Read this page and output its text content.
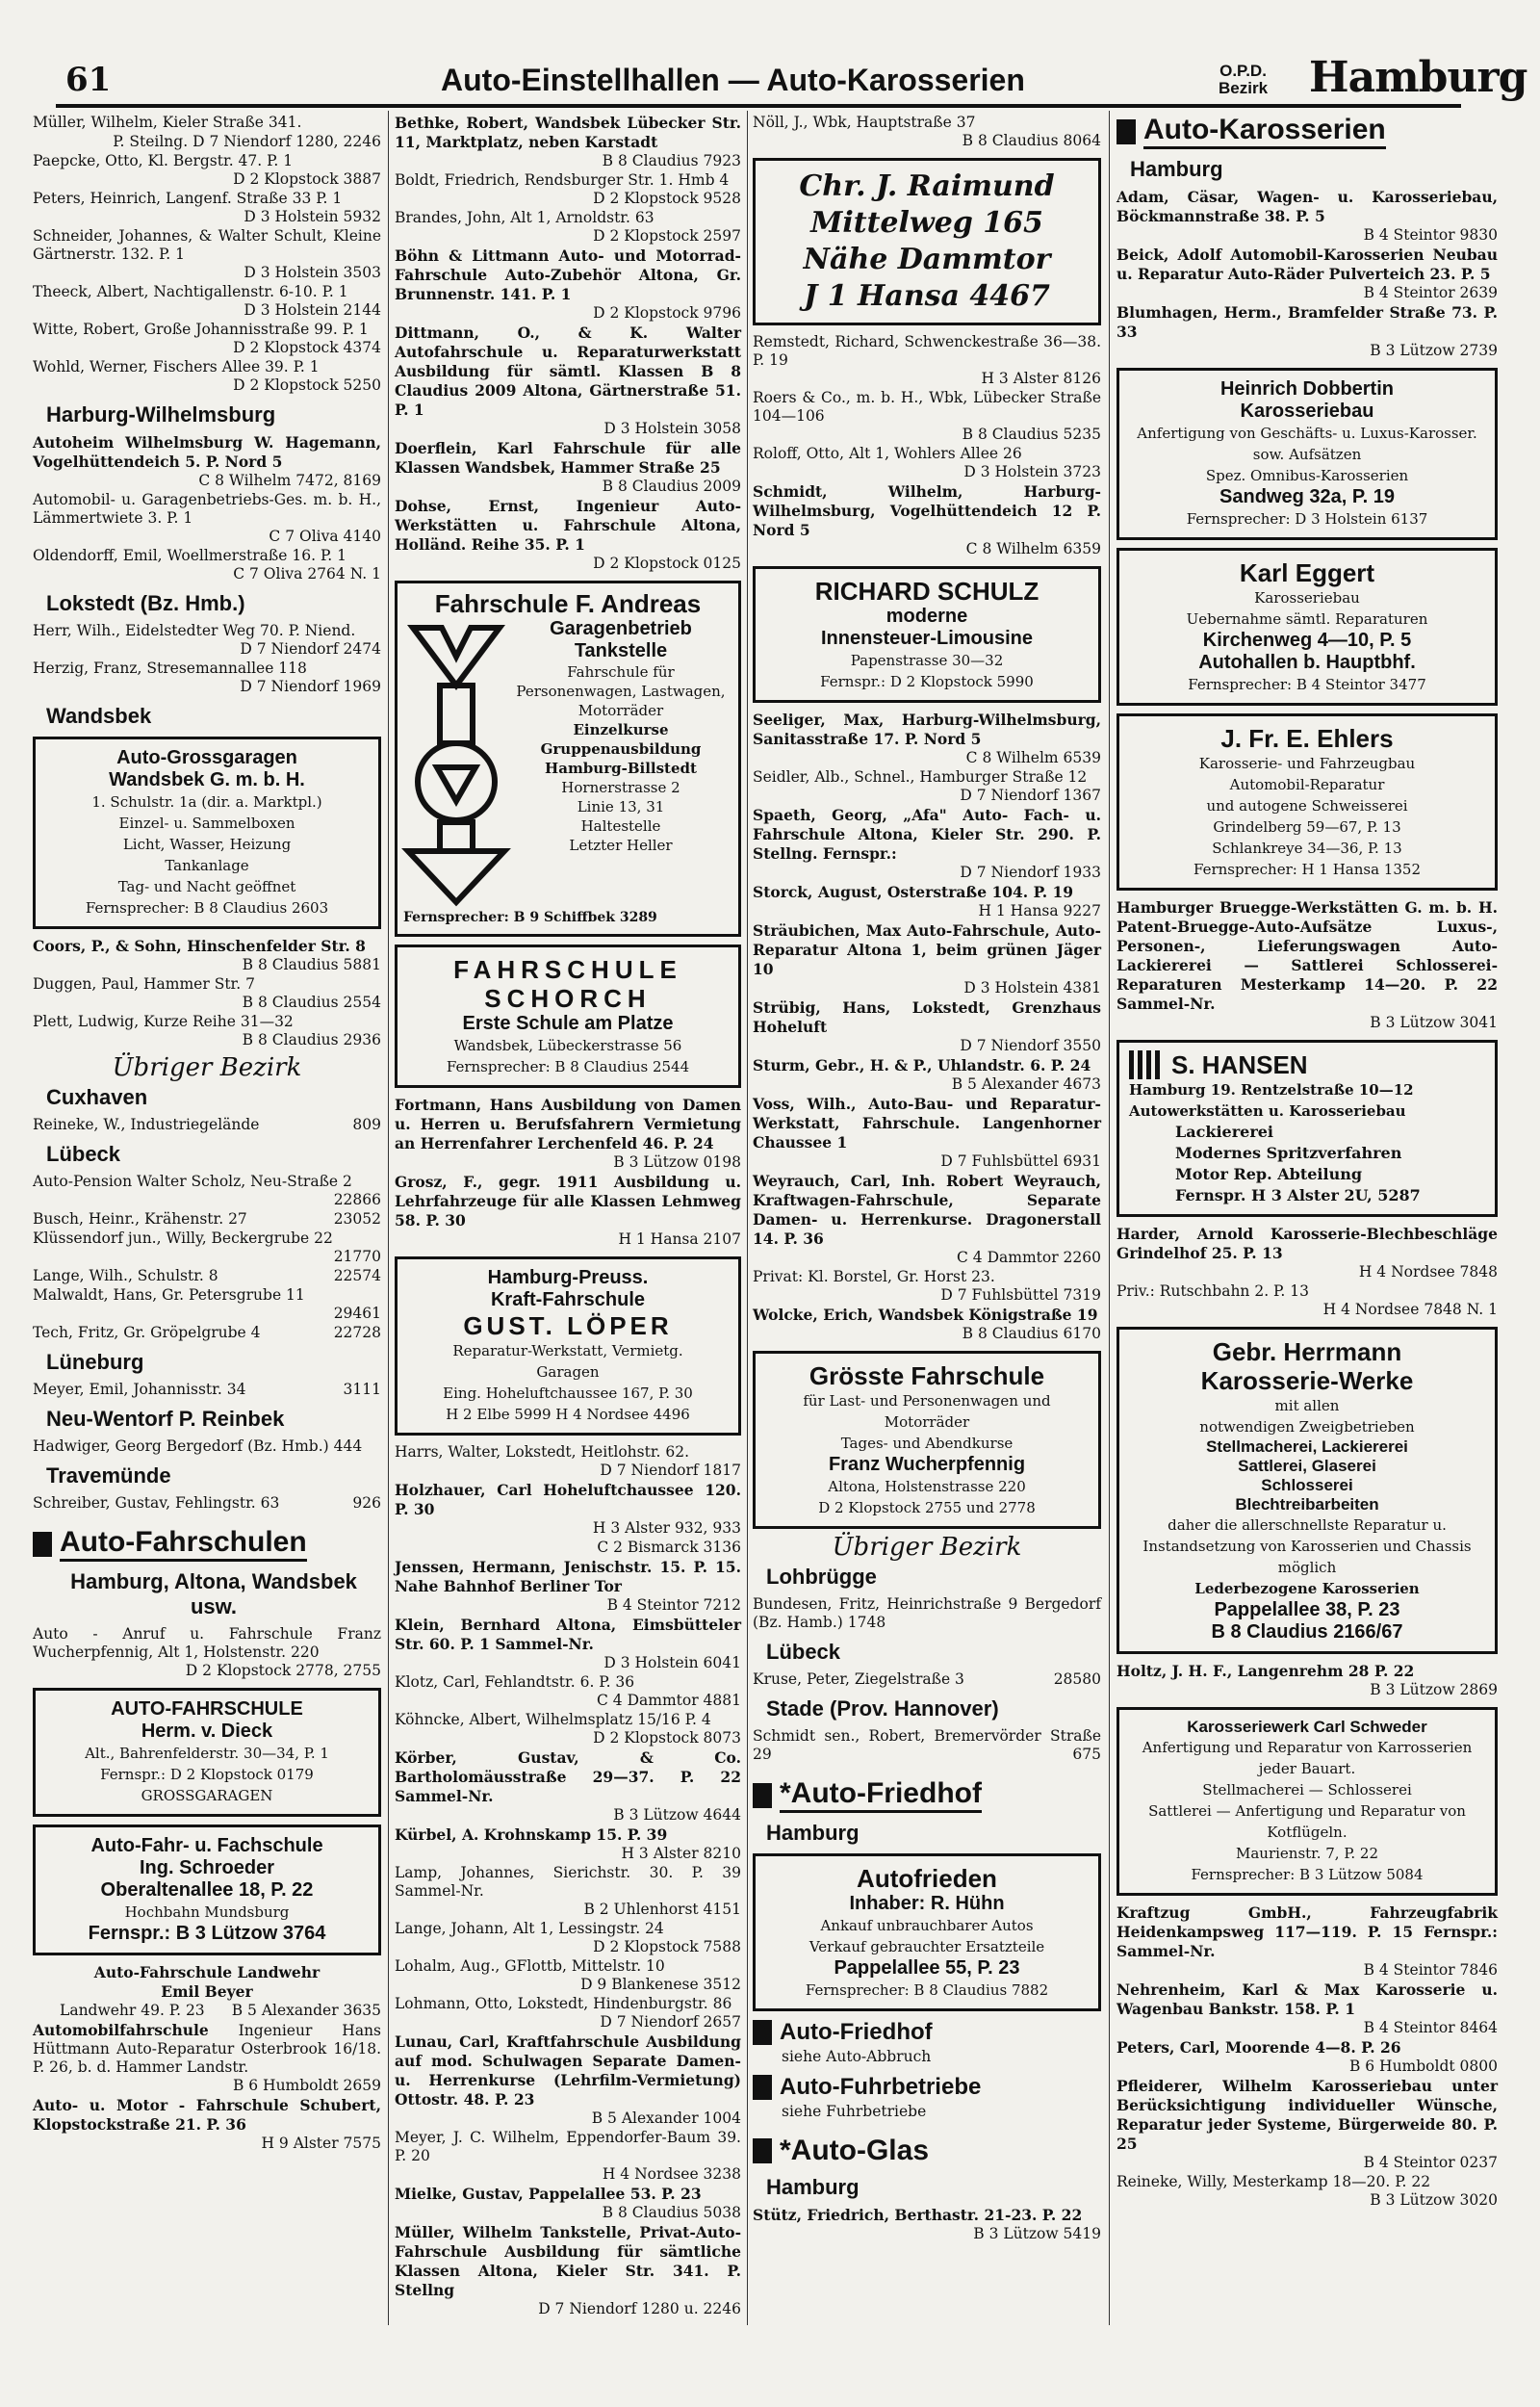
61	Auto-Einstellhallen — Auto-Karosserien	O.P.D.
Bezirk Hamburg
Müller, Wilhelm, Kieler Straße 341.
P. Steilng. D 7 Niendorf 1280, 2246
Paepcke, Otto, Kl. Bergstr. 47. P. 1
D 2 Klopstock 3887
Peters, Heinrich, Langenf. Straße 33 P. 1
D 3 Holstein 5932
Schneider, Johannes, & Walter Schult, Kleine Gärtnerstr. 132. P. 1
D 3 Holstein 3503
Theeck, Albert, Nachtigallenstr. 6-10. P. 1
D 3 Holstein 2144
Witte, Robert, Große Johannisstraße 99. P. 1
D 2 Klopstock 4374
Wohld, Werner, Fischers Allee 39. P. 1
D 2 Klopstock 5250
Harburg-Wilhelmsburg
Autoheim Wilhelmsburg W. Hagemann, Vogelhüttendeich 5. P. Nord 5
C 8 Wilhelm 7472, 8169
Automobil- u. Garagenbetriebs-Ges. m. b. H., Lämmertwiete 3. P. 1
C 7 Oliva 4140
Oldendorff, Emil, Woellmerstraße 16. P. 1
C 7 Oliva 2764 N. 1
Lokstedt (Bz. Hmb.)
Herr, Wilh., Eidelstedter Weg 70. P. Niend.
D 7 Niendorf 2474
Herzig, Franz, Stresemannallee 118
D 7 Niendorf 1969
Wandsbek
Auto-Grossgaragen
Wandsbek G. m. b. H.
1. Schulstr. 1a (dir. a. Marktpl.)
Einzel- u. Sammelboxen
Licht, Wasser, Heizung
Tankanlage
Tag- und Nacht geöffnet
Fernsprecher: B 8 Claudius 2603
Coors, P., & Sohn, Hinschenfelder Str. 8
B 8 Claudius 5881
Duggen, Paul, Hammer Str. 7
B 8 Claudius 2554
Plett, Ludwig, Kurze Reihe 31—32
B 8 Claudius 2936
Übriger Bezirk
Cuxhaven
Reineke, W., Industriegelände	809
Lübeck
Auto-Pension Walter Scholz, Neu-Straße 2
22866
Busch, Heinr., Krähenstr. 27	23052
Klüssendorf jun., Willy, Beckergrube 22
21770
Lange, Wilh., Schulstr. 8	22574
Malwaldt, Hans, Gr. Petersgrube 11
29461
Tech, Fritz, Gr. Gröpelgrube 4	22728
Lüneburg
Meyer, Emil, Johannisstr. 34	3111
Neu-Wentorf P. Reinbek
Hadwiger, Georg Bergedorf (Bz. Hmb.) 444
Travemünde
Schreiber, Gustav, Fehlingstr. 63	926
Auto-Fahrschulen
Hamburg, Altona, Wandsbek usw.
Auto - Anruf u. Fahrschule Franz Wucherpfennig, Alt 1, Holstenstr. 220
D 2 Klopstock 2778, 2755
AUTO-FAHRSCHULE
Herm. v. Dieck
Alt., Bahrenfelderstr. 30—34, P. 1
Fernspr.: D 2 Klopstock 0179
GROSSGARAGEN
Auto-Fahr- u. Fachschule
Ing. Schroeder
Oberaltenallee 18, P. 22
Hochbahn Mundsburg
Fernspr.: B 3 Lützow 3764
Auto-Fahrschule Landwehr
Emil Beyer
Landwehr 49. P. 23 B 5 Alexander 3635
Automobilfahrschule Ingenieur Hans Hüttmann Auto-Reparatur Osterbrook 16/18. P. 26, b. d. Hammer Landstr.
B 6 Humboldt 2659
Auto- u. Motor - Fahrschule Schubert, Klopstockstraße 21. P. 36
H 9 Alster 7575
Bethke, Robert, Wandsbek Lübecker Str. 11, Marktplatz, neben Karstadt
B 8 Claudius 7923
Boldt, Friedrich, Rendsburger Str. 1. Hmb 4
D 2 Klopstock 9528
Brandes, John, Alt 1, Arnoldstr. 63
D 2 Klopstock 2597
Böhn & Littmann Auto- und Motorrad-Fahrschule Auto-Zubehör Altona, Gr. Brunnenstr. 141. P. 1
D 2 Klopstock 9796
Dittmann, O., & K. Walter Autofahrschule u. Reparaturwerkstatt Ausbildung für sämtl. Klassen B 8 Claudius 2009 Altona, Gärtnerstraße 51. P. 1
D 3 Holstein 3058
Doerflein, Karl Fahrschule für alle Klassen Wandsbek, Hammer Straße 25
B 8 Claudius 2009
Dohse, Ernst, Ingenieur Auto-Werkstätten u. Fahrschule Altona, Holländ. Reihe 35. P. 1
D 2 Klopstock 0125
Fahrschule F. Andreas
Garagenbetrieb
Tankstelle
Fahrschule für Personenwagen, Lastwagen, Motorräder
Einzelkurse
Gruppenausbildung
Hamburg-Billstedt
Hornerstrasse 2
Linie 13, 31
Haltestelle
Letzter Heller
Fernsprecher: B 9 Schiffbek 3289
FAHRSCHULE
SCHORCH
Erste Schule am Platze
Wandsbek, Lübeckerstrasse 56
Fernsprecher: B 8 Claudius 2544
Fortmann, Hans Ausbildung von Damen u. Herren u. Berufsfahrern Vermietung an Herrenfahrer Lerchenfeld 46. P. 24
B 3 Lützow 0198
Grosz, F., gegr. 1911 Ausbildung u. Lehrfahrzeuge für alle Klassen Lehmweg 58. P. 30
H 1 Hansa 2107
Hamburg-Preuss.
Kraft-Fahrschule
GUST. LÖPER
Reparatur-Werkstatt, Vermietg.
Garagen
Eing. Hoheluftchaussee 167, P. 30
H 2 Elbe 5999 H 4 Nordsee 4496
Harrs, Walter, Lokstedt, Heitlohstr. 62.
D 7 Niendorf 1817
Holzhauer, Carl Hoheluftchaussee 120. P. 30
H 3 Alster 932, 933
C 2 Bismarck 3136
Jenssen, Hermann, Jenischstr. 15. P. 15. Nahe Bahnhof Berliner Tor
B 4 Steintor 7212
Klein, Bernhard Altona, Eimsbütteler Str. 60. P. 1 Sammel-Nr.
D 3 Holstein 6041
Klotz, Carl, Fehlandtstr. 6. P. 36
C 4 Dammtor 4881
Köhncke, Albert, Wilhelmsplatz 15/16 P. 4
D 2 Klopstock 8073
Körber, Gustav, & Co. Bartholomäusstraße 29—37. P. 22 Sammel-Nr.
B 3 Lützow 4644
Kürbel, A. Krohnskamp 15. P. 39
H 3 Alster 8210
Lamp, Johannes, Sierichstr. 30. P. 39 Sammel-Nr.
B 2 Uhlenhorst 4151
Lange, Johann, Alt 1, Lessingstr. 24
D 2 Klopstock 7588
Lohalm, Aug., GFlottb, Mittelstr. 10
D 9 Blankenese 3512
Lohmann, Otto, Lokstedt, Hindenburgstr. 86
D 7 Niendorf 2657
Lunau, Carl, Kraftfahrschule Ausbildung auf mod. Schulwagen Separate Damen- u. Herrenkurse (Lehrfilm-Vermietung) Ottostr. 48. P. 23
B 5 Alexander 1004
Meyer, J. C. Wilhelm, Eppendorfer-Baum 39. P. 20
H 4 Nordsee 3238
Mielke, Gustav, Pappelallee 53. P. 23
B 8 Claudius 5038
Müller, Wilhelm Tankstelle, Privat-Auto-Fahrschule Ausbildung für sämtliche Klassen Altona, Kieler Str. 341. P. Stellng
D 7 Niendorf 1280 u. 2246
Nöll, J., Wbk, Hauptstraße 37
B 8 Claudius 8064
Chr. J. Raimund
Mittelweg 165
Nähe Dammtor
J 1 Hansa 4467
Remstedt, Richard, Schwenckestraße 36—38. P. 19
H 3 Alster 8126
Roers & Co., m. b. H., Wbk, Lübecker Straße 104—106
B 8 Claudius 5235
Roloff, Otto, Alt 1, Wohlers Allee 26
D 3 Holstein 3723
Schmidt, Wilhelm, Harburg-Wilhelmsburg, Vogelhüttendeich 12 P. Nord 5
C 8 Wilhelm 6359
RICHARD SCHULZ
moderne
Innensteuer-Limousine
Papenstrasse 30—32
Fernspr.: D 2 Klopstock 5990
Seeliger, Max, Harburg-Wilhelmsburg, Sanitasstraße 17. P. Nord 5
C 8 Wilhelm 6539
Seidler, Alb., Schnel., Hamburger Straße 12
D 7 Niendorf 1367
Spaeth, Georg, „Afa" Auto- Fach- u. Fahrschule Altona, Kieler Str. 290. P. Stellng. Fernspr.:
D 7 Niendorf 1933
Storck, August, Osterstraße 104. P. 19
H 1 Hansa 9227
Sträubichen, Max Auto-Fahrschule, Auto-Reparatur Altona 1, beim grünen Jäger 10
D 3 Holstein 4381
Strübig, Hans, Lokstedt, Grenzhaus Hoheluft
D 7 Niendorf 3550
Sturm, Gebr., H. & P., Uhlandstr. 6. P. 24
B 5 Alexander 4673
Voss, Wilh., Auto-Bau- und Reparatur-Werkstatt, Fahrschule. Langenhorner Chaussee 1
D 7 Fuhlsbüttel 6931
Weyrauch, Carl, Inh. Robert Weyrauch, Kraftwagen-Fahrschule, Separate Damen- u. Herrenkurse. Dragonerstall 14. P. 36
C 4 Dammtor 2260
Privat: Kl. Borstel, Gr. Horst 23.
D 7 Fuhlsbüttel 7319
Wolcke, Erich, Wandsbek Königstraße 19
B 8 Claudius 6170
Grösste Fahrschule
für Last- und Personenwagen und Motorräder
Tages- und Abendkurse
Franz Wucherpfennig
Altona, Holstenstrasse 220
D 2 Klopstock 2755 und 2778
Übriger Bezirk
Lohbrügge
Bundesen, Fritz, Heinrichstraße 9 Bergedorf (Bz. Hamb.) 1748
Lübeck
Kruse, Peter, Ziegelstraße 3	28580
Stade (Prov. Hannover)
Schmidt sen., Robert, Bremervörder Straße 29	675
*Auto-Friedhof
Hamburg
Autofrieden
Inhaber: R. Hühn
Ankauf unbrauchbarer Autos
Verkauf gebrauchter Ersatzteile
Pappelallee 55, P. 23
Fernsprecher: B 8 Claudius 7882
Auto-Friedhof
siehe Auto-Abbruch
Auto-Fuhrbetriebe
siehe Fuhrbetriebe
*Auto-Glas
Hamburg
Stütz, Friedrich, Berthastr. 21-23. P. 22
B 3 Lützow 5419
Auto-Karosserien
Hamburg
Adam, Cäsar, Wagen- u. Karosseriebau, Böckmannstraße 38. P. 5
B 4 Steintor 9830
Beick, Adolf Automobil-Karosserien Neubau u. Reparatur Auto-Räder Pulverteich 23. P. 5
B 4 Steintor 2639
Blumhagen, Herm., Bramfelder Straße 73. P. 33
B 3 Lützow 2739
Heinrich Dobbertin
Karosseriebau
Anfertigung von Geschäfts- u. Luxus-Karosser. sow. Aufsätzen
Spez. Omnibus-Karosserien
Sandweg 32a, P. 19
Fernsprecher: D 3 Holstein 6137
Karl Eggert
Karosseriebau
Uebernahme sämtl. Reparaturen
Kirchenweg 4—10, P. 5
Autohallen b. Hauptbhf.
Fernsprecher: B 4 Steintor 3477
J. Fr. E. Ehlers
Karosserie- und Fahrzeugbau
Automobil-Reparatur
und autogene Schweisserei
Grindelberg 59—67, P. 13
Schlankreye 34—36, P. 13
Fernsprecher: H 1 Hansa 1352
Hamburger Bruegge-Werkstätten G. m. b. H. Patent-Bruegge-Auto-Aufsätze Luxus-, Personen-, Lieferungswagen Auto-Lackiererei — Sattlerei Schlosserei-Reparaturen Mesterkamp 14—20. P. 22 Sammel-Nr.
B 3 Lützow 3041
S. HANSEN
Hamburg 19. Rentzelstraße 10—12
Autowerkstätten u. Karosseriebau
Lackiererei
Modernes Spritzverfahren
Motor Rep. Abteilung
Fernspr. H 3 Alster 2U, 5287
Harder, Arnold Karosserie-Blechbeschläge Grindelhof 25. P. 13
H 4 Nordsee 7848
Priv.: Rutschbahn 2. P. 13
H 4 Nordsee 7848 N. 1
Gebr. Herrmann
Karosserie-Werke
mit allen
notwendigen Zweigbetrieben
Stellmacherei, Lackiererei
Sattlerei, Glaserei
Schlosserei
Blechtreibarbeiten
daher die allerschnellste Reparatur u. Instandsetzung von Karosserien und Chassis möglich
Lederbezogene Karosserien
Pappelallee 38, P. 23
B 8 Claudius 2166/67
Holtz, J. H. F., Langenrehm 28 P. 22
B 3 Lützow 2869
Karosseriewerk Carl Schweder
Anfertigung und Reparatur von Karrosserien jeder Bauart.
Stellmacherei — Schlosserei
Sattlerei — Anfertigung und Reparatur von Kotflügeln.
Maurienstr. 7, P. 22
Fernsprecher: B 3 Lützow 5084
Kraftzug GmbH., Fahrzeugfabrik Heidenkampsweg 117—119. P. 15 Fernspr.: Sammel-Nr.
B 4 Steintor 7846
Nehrenheim, Karl & Max Karosserie u. Wagenbau Bankstr. 158. P. 1
B 4 Steintor 8464
Peters, Carl, Moorende 4—8. P. 26
B 6 Humboldt 0800
Pfleiderer, Wilhelm Karosseriebau unter Berücksichtigung individueller Wünsche, Reparatur jeder Systeme, Bürgerweide 80. P. 25
B 4 Steintor 0237
Reineke, Willy, Mesterkamp 18—20. P. 22
B 3 Lützow 3020
